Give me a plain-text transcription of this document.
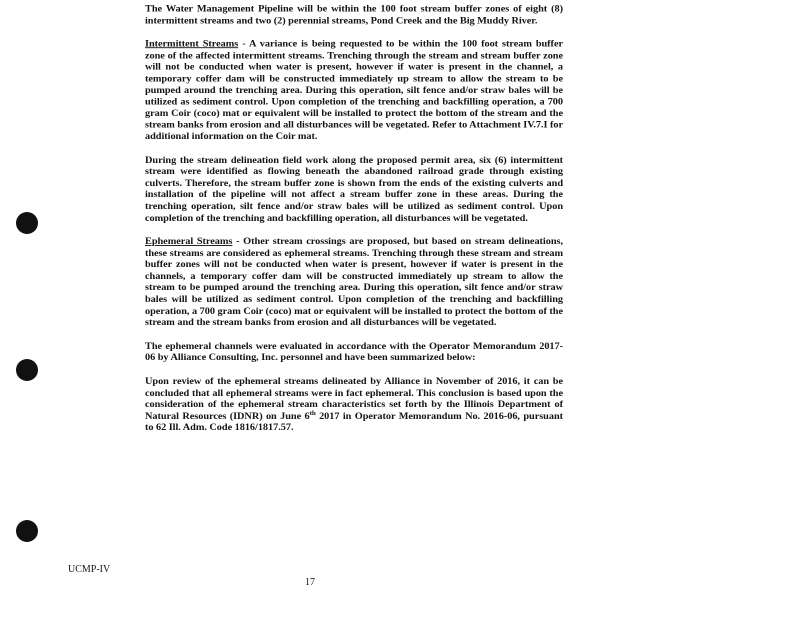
The Water Management Pipeline will be within the 100 foot stream buffer zones of eight (8) intermittent streams and two (2) perennial streams, Pond Creek and the Big Muddy River.

Intermittent Streams - A variance is being requested to be within the 100 foot stream buffer zone of the affected intermittent streams. Trenching through the stream and stream buffer zone will not be conducted when water is present, however if water is present in the channel, a temporary coffer dam will be constructed immediately up stream to allow the stream to be pumped around the trenching area. During this operation, silt fence and/or straw bales will be utilized as sediment control. Upon completion of the trenching and backfilling operation, a 700 gram Coir (coco) mat or equivalent will be installed to protect the bottom of the stream and the stream banks from erosion and all disturbances will be vegetated. Refer to Attachment IV.7.I for additional information on the Coir mat.

During the stream delineation field work along the proposed permit area, six (6) intermittent stream were identified as flowing beneath the abandoned railroad grade through existing culverts. Therefore, the stream buffer zone is shown from the ends of the existing culverts and installation of the pipeline will not affect a stream buffer zone in these areas. During the trenching operation, silt fence and/or straw bales will be utilized as sediment control. Upon completion of the trenching and backfilling operation, all disturbances will be vegetated.

Ephemeral Streams - Other stream crossings are proposed, but based on stream delineations, these streams are considered as ephemeral streams. Trenching through these stream and stream buffer zones will not be conducted when water is present, however if water is present in the channels, a temporary coffer dam will be constructed immediately up stream to allow the stream to be pumped around the trenching area. During this operation, silt fence and/or straw bales will be utilized as sediment control. Upon completion of the trenching and backfilling operation, a 700 gram Coir (coco) mat or equivalent will be installed to protect the bottom of the stream and the stream banks from erosion and all disturbances will be vegetated.

The ephemeral channels were evaluated in accordance with the Operator Memorandum 2017-06 by Alliance Consulting, Inc. personnel and have been summarized below:

Upon review of the ephemeral streams delineated by Alliance in November of 2016, it can be concluded that all ephemeral streams were in fact ephemeral. This conclusion is based upon the consideration of the ephemeral stream characteristics set forth by the Illinois Department of Natural Resources (IDNR) on June 6th 2017 in Operator Memorandum No. 2016-06, pursuant to 62 Ill. Adm. Code 1816/1817.57.

UCMP-IV
17
